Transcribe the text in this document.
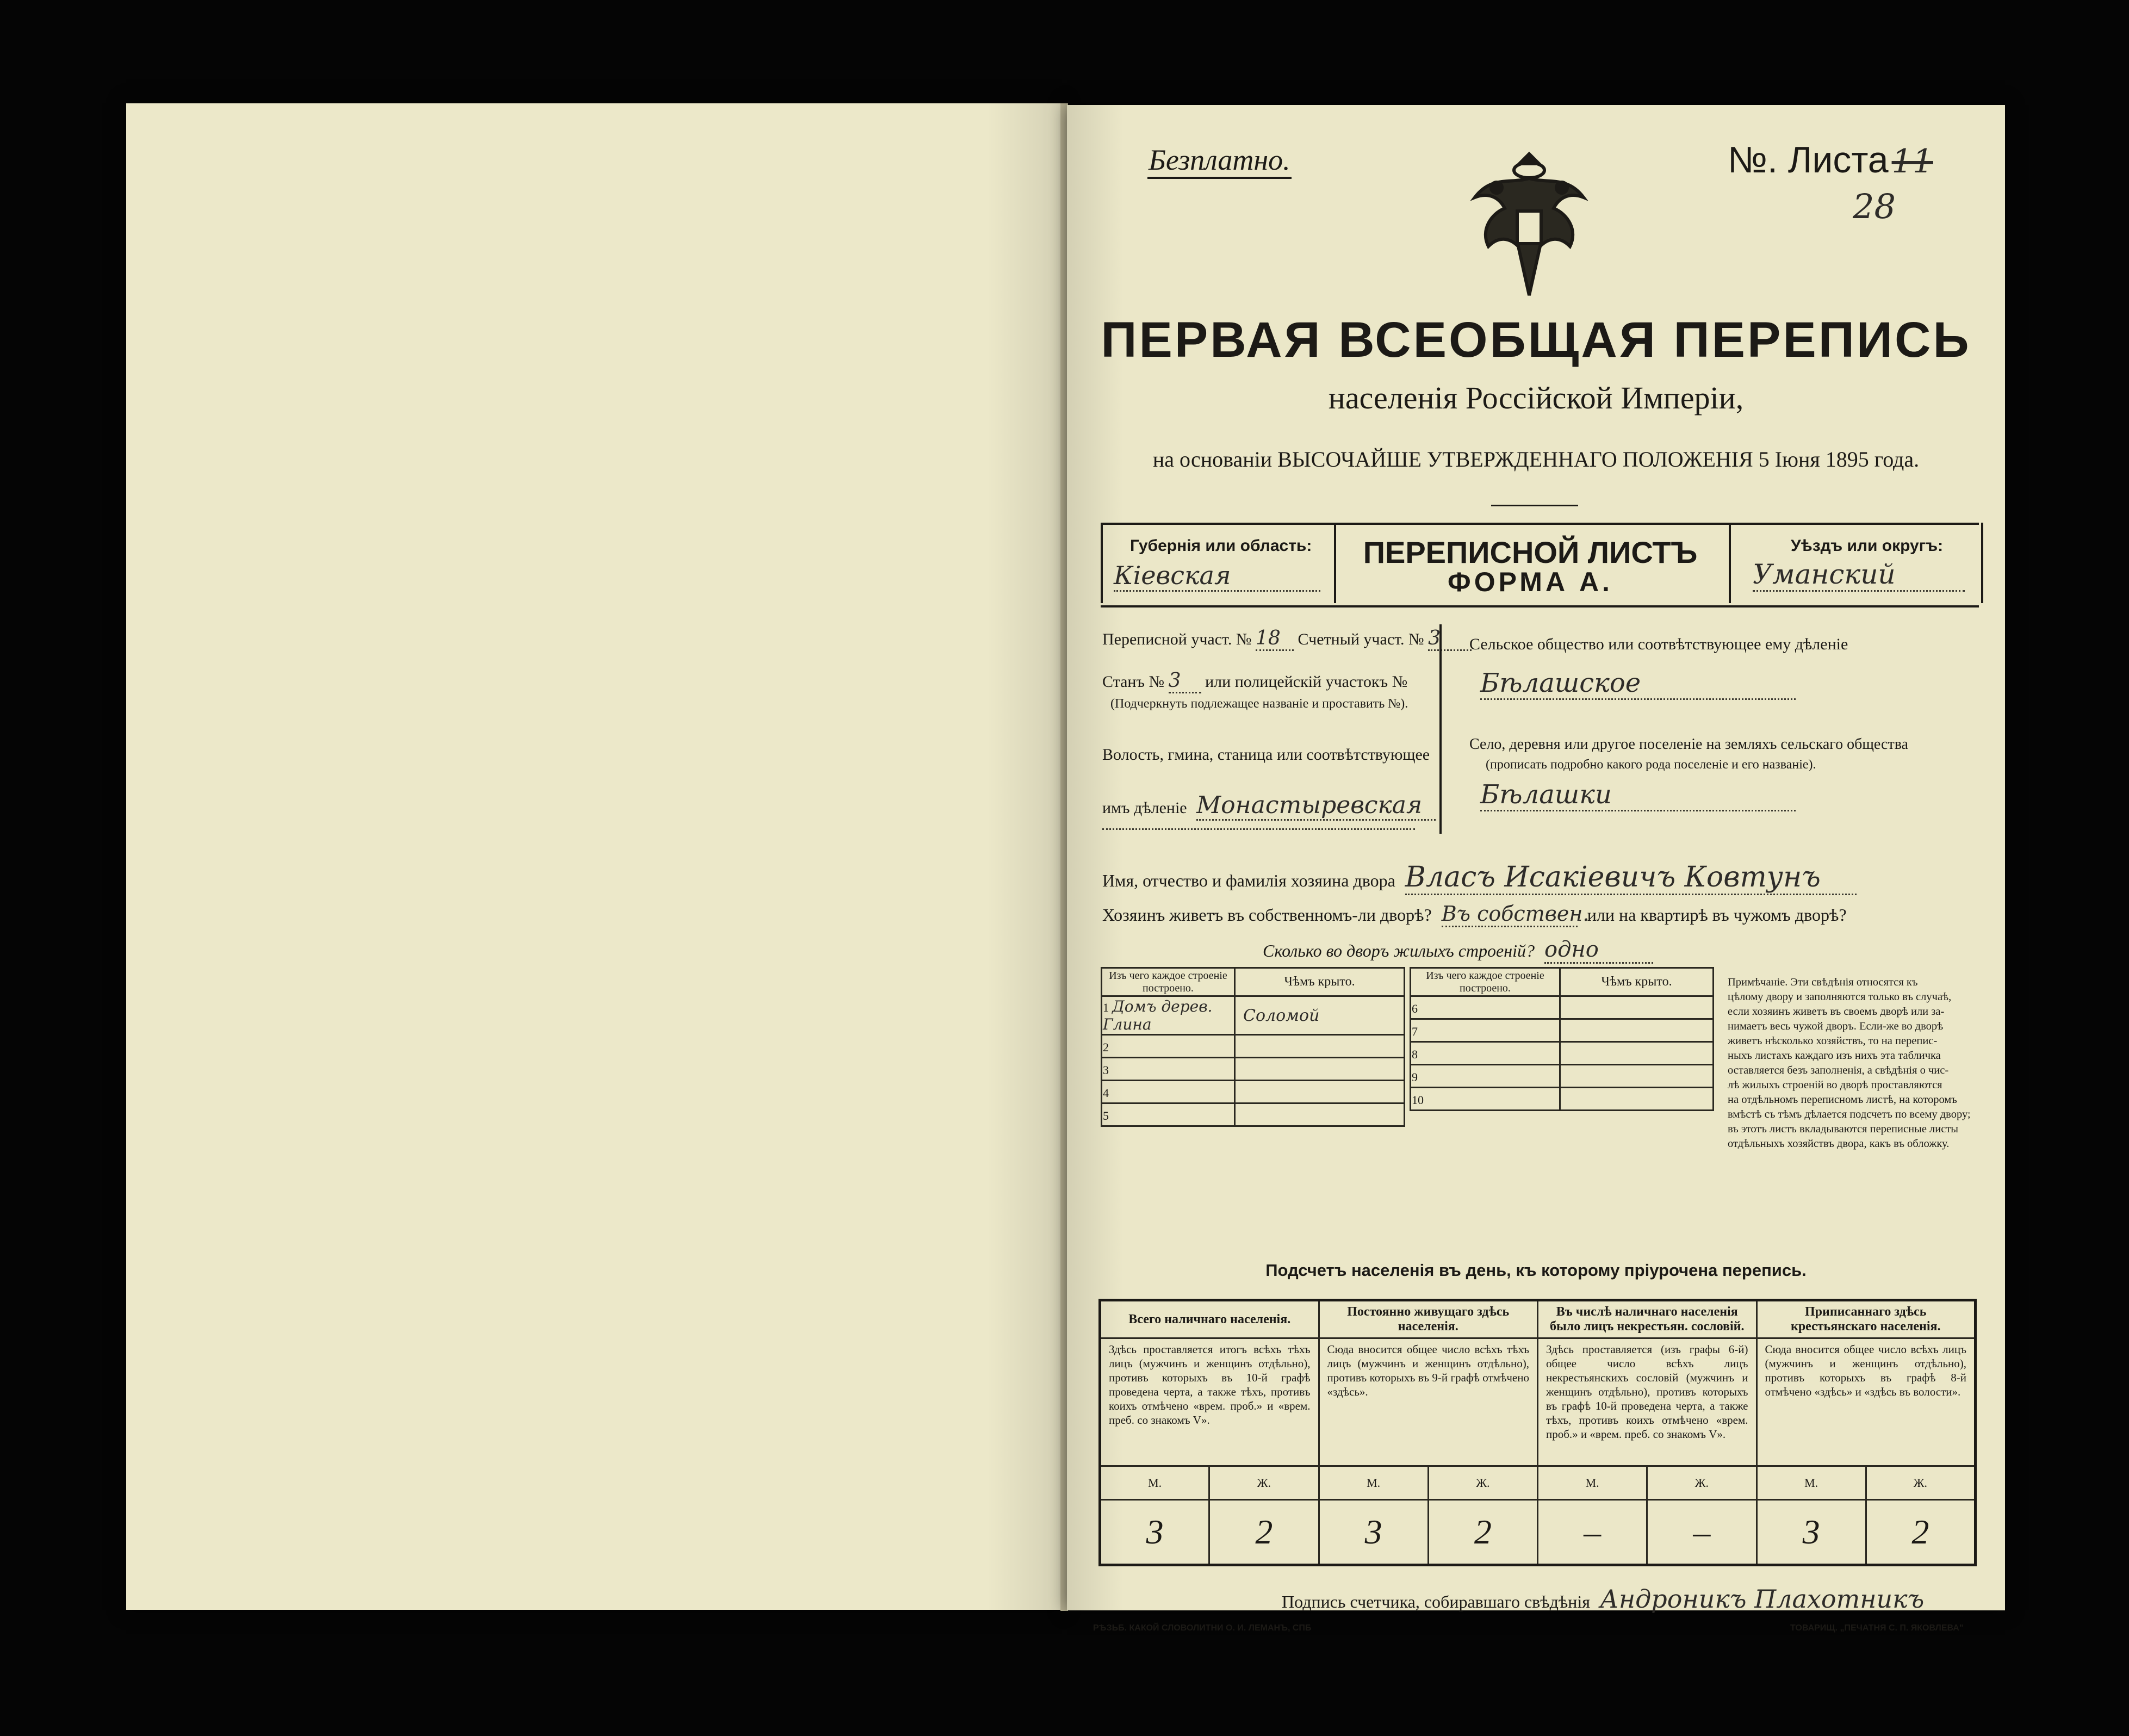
Безплатно.	№. Листа 11
28
ПЕРВАЯ ВСЕОБЩАЯ ПЕРЕПИСЬ
населенія Россійской Имперіи,
на основаніи ВЫСОЧАЙШЕ УТВЕРЖДЕННАГО ПОЛОЖЕНІЯ 5 Іюня 1895 года.
Губернія или область:
Кіевская
ПЕРЕПИСНОЙ ЛИСТЪ
ФОРМА А.
Уѣздъ или округъ:
Уманский
Переписной участ. № 18 Счетный участ. № 3
Станъ № 3 или полицейскій участокъ №
(Подчеркнуть подлежащее названіе и проставить №).
Волость, гмина, станица или соотвѣтствующее
имъ дѣленіе Монастыревская
Сельское общество или соотвѣтствующее ему дѣленіе
Бѣлашское
Село, деревня или другое поселеніе на земляхъ сельскаго общества
(прописать подробно какого рода поселеніе и его названіе).
Бѣлашки
Имя, отчество и фамилія хозяина двора Власъ Исакіевичъ Ковтунъ
Хозяинъ живетъ въ собственномъ-ли дворѣ? Въ собствен. или на квартирѣ въ чужомъ дворѣ?
Сколько во дворъ жилыхъ строеній? одно
Изъ чего каждое строеніе построено.	Чѣмъ крыто.
1 Домъ дерев. Глина	Соломой
2	
3	
4	
5	
Изъ чего каждое строеніе построено.	Чѣмъ крыто.
6	
7	
8	
9	
10	
Примѣчаніе. Эти свѣдѣнія относятся къ
цѣлому двору и заполняются только въ случаѣ,
если хозяинъ живетъ въ своемъ дворѣ или за-
нимаетъ весь чужой дворъ. Если-же во дворѣ
живетъ нѣсколько хозяйствъ, то на перепис-
ныхъ листахъ каждаго изъ нихъ эта табличка
оставляется безъ заполненія, а свѣдѣнія о чис-
лѣ жилыхъ строеній во дворѣ проставляются
на отдѣльномъ переписномъ листѣ, на которомъ
вмѣстѣ съ тѣмъ дѣлается подсчетъ по всему двору;
въ этотъ листъ вкладываются переписные листы
отдѣльныхъ хозяйствъ двора, какъ въ обложку.
Подсчетъ населенія въ день, къ которому пріурочена перепись.
Всего наличнаго населенія.		Постоянно живущаго здѣсь населенія.		Въ числѣ наличнаго населенія было лицъ некрестьян. сословій.		Приписаннаго здѣсь крестьянскаго населенія.	
Здѣсь проставляется итогъ всѣхъ тѣхъ лицъ (мужчинъ и женщинъ отдѣльно), противъ которыхъ въ 10-й графѣ проведена черта, а также тѣхъ, противъ коихъ отмѣчено «врем. проб.» и «врем. преб. со знакомъ V».		Сюда вносится общее число всѣхъ тѣхъ лицъ (мужчинъ и женщинъ отдѣльно), противъ которыхъ въ 9-й графѣ отмѣчено «здѣсь».		Здѣсь проставляется (изъ графы 6-й) общее число всѣхъ лицъ некрестьянскихъ сословій (мужчинъ и женщинъ отдѣльно), противъ которыхъ въ графѣ 10-й проведена черта, а также тѣхъ, противъ коихъ отмѣчено «врем. проб.» и «врем. преб. со знакомъ V».		Сюда вносится общее число всѣхъ лицъ (мужчинъ и женщинъ отдѣльно), противъ которыхъ въ графѣ 8-й отмѣчено «здѣсь» и «здѣсь въ волости».	
М.	Ж.	М.	Ж.	М.	Ж.	М.	Ж.
3	2	3	2	–	–	3	2
Подпись счетчика, собиравшаго свѣдѣнія Андроникъ Плахотникъ
РѢЗЬБ. КАКОЙ СЛОВОЛИТНИ О. И. ЛЕМАНЪ, СПБ	ТОВАРИЩ. „ПЕЧАТНЯ С. П. ЯКОВЛЕВА"
